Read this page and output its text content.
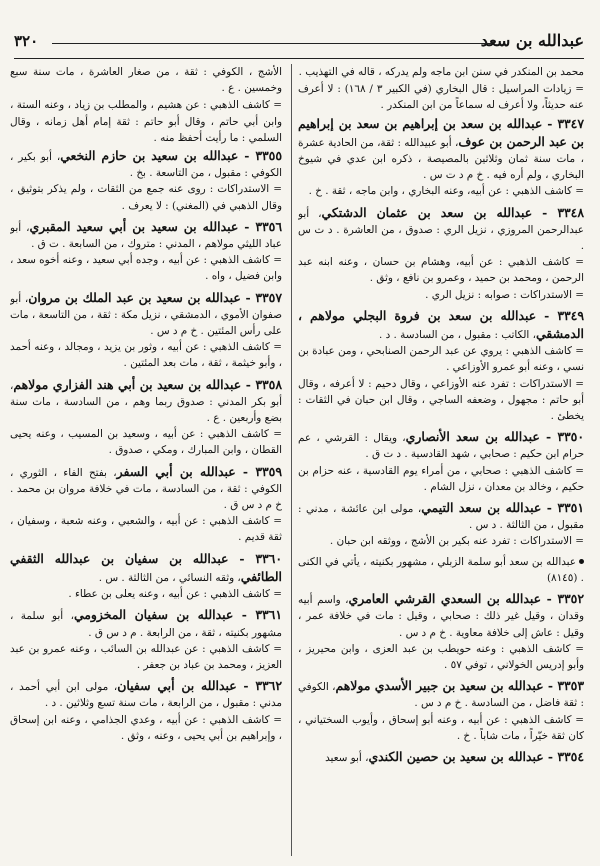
عبدالله بن سعد
٣٢٠

محمد بن المنكدر في سنن ابن ماجه ولم يدركه ، قاله في التهذيب .

= زيادات المراسيل : قال البخاري (في الكبير ٣ / ١٦٨) : لا أعرف عنه حديثاً، ولا أعرف له سماعاً من ابن المنكدر .

٣٣٤٧ - عبدالله بن سعد بن إبراهيم بن سعد بن إبراهيم بن عبد الرحمن بن عوف، أبو عبيدالله : ثقة، من الحادية عشرة ، مات سنة ثمان وثلاثين بالمصيصة ، ذكره ابن عدي في شيوخ البخاري ، ولم أره فيه . خ م د ت س .

= كاشف الذهبي : عن أبيه، وعنه البخاري ، وابن ماجه ، ثقة . خ .

٣٣٤٨ - عبدالله بن سعد بن عثمان الدشتكي، أبو عبدالرحمن المروزي ، نزيل الري : صدوق ، من العاشرة . د ت س .

= كاشف الذهبي : عن أبيه، وهشام بن حسان ، وعنه ابنه عبد الرحمن ، ومحمد بن حميد ، وعمرو بن نافع ، وثق .

= الاستدراكات : صوابه : نزيل الري .

٣٣٤٩ - عبدالله بن سعد بن فروة البجلي مولاهم ، الدمشقي، الكاتب : مقبول ، من السادسة . د .

= كاشف الذهبي : يروي عن عبد الرحمن الصنابحي ، ومن عبادة بن نسي ، وعنه أبو عمرو الأوزاعي .

= الاستدراكات : تفرد عنه الأوزاعي ، وقال دحيم : لا أعرفه ، وقال أبو حاتم : مجهول ، وضعفه الساجي ، وقال ابن حبان في الثقات : يخطئ .

٣٣٥٠ - عبدالله بن سعد الأنصاري، ويقال : القرشي ، عم حرام ابن حكيم : صحابي ، شهد القادسية . د ت ق .

= كاشف الذهبي : صحابي ، من أمراء يوم القادسية ، عنه حزام بن حكيم ، وخالد بن معدان ، نزل الشام .

٣٣٥١ - عبدالله بن سعد التيمي، مولى ابن عائشة ، مدني : مقبول ، من الثالثة . د س .

= الاستدراكات : تفرد عنه بكير بن الأشج ، ووثقه ابن حبان .

عبدالله بن سعد أبو سلمة الزبلي ، مشهور بكنيته ، يأتي في الكنى . (٨١٤٥)

٣٣٥٢ - عبدالله بن السعدي القرشي العامري، واسم أبيه وقدان ، وقيل غير ذلك : صحابي ، وقيل : مات في خلافة عمر ، وقيل : عاش إلى خلافة معاوية . خ م د س .

= كاشف الذهبي : وعنه حويطب بن عبد العزى ، وابن محيريز ، وأبو إدريس الخولاني ، توفي ٥٧ .

٣٣٥٣ - عبدالله بن سعيد بن جبير الأسدي مولاهم، الكوفي : ثقة فاضل ، من السادسة . خ م د س .

= كاشف الذهبي : عن أبيه ، وعنه أبو إسحاق ، وأيوب السختياني ، كان ثقة خيّراً ، مات شاباً . خ .

٣٣٥٤ - عبدالله بن سعيد بن حصين الكندي، أبو سعيد

الأشج ، الكوفي : ثقة ، من صغار العاشرة ، مات سنة سبع وخمسين . ع .

= كاشف الذهبي : عن هشيم ، والمطلب بن زياد ، وعنه الستة ، وابن أبي حاتم ، وقال أبو حاتم : ثقة إمام أهل زمانه ، وقال السلمي : ما رأيت أحفظ منه .

٣٣٥٥ - عبدالله بن سعيد بن حازم النخعي، أبو بكير ، الكوفي : مقبول ، من التاسعة . بخ .

= الاستدراكات : روى عنه جمع من الثقات ، ولم يذكر بتوثيق ، وقال الذهبي في (المغني) : لا يعرف .

٣٣٥٦ - عبدالله بن سعيد بن أبي سعيد المقبري، أبو عباد الليثي مولاهم ، المدني : متروك ، من السابعة . ت ق .

= كاشف الذهبي : عن أبيه ، وجده أبي سعيد ، وعنه أخوه سعد ، وابن فضيل ، واه .

٣٣٥٧ - عبدالله بن سعيد بن عبد الملك بن مروان، أبو صفوان الأموي ، الدمشقي ، نزيل مكة : ثقة ، من التاسعة ، مات على رأس المئتين . خ م د س .

= كاشف الذهبي : عن أبيه ، وثور بن يزيد ، ومجالد ، وعنه أحمد ، وأبو خيثمة ، ثقة ، مات بعد المئتين .

٣٣٥٨ - عبدالله بن سعيد بن أبي هند الفزاري مولاهم، أبو بكر المدني : صدوق ربما وهم ، من السادسة ، مات سنة بضع وأربعين . ع .

= كاشف الذهبي : عن أبيه ، وسعيد بن المسيب ، وعنه يحيى القطان ، وابن المبارك ، ومكي ، صدوق .

٣٣٥٩ - عبدالله بن أبي السفر، بفتح الفاء ، الثوري ، الكوفي : ثقة ، من السادسة ، مات في خلافة مروان بن محمد . خ م د س ق .

= كاشف الذهبي : عن أبيه ، والشعبي ، وعنه شعبة ، وسفيان ، ثقة قديم .

٣٣٦٠ - عبدالله بن سفيان بن عبدالله الثقفي الطائفي، وثقه النسائي ، من الثالثة . س .

= كاشف الذهبي : عن أبيه ، وعنه يعلى بن عطاء .

٣٣٦١ - عبدالله بن سفيان المخزومي، أبو سلمة ، مشهور بكنيته ، ثقة ، من الرابعة . م د س ق .

= كاشف الذهبي : عن عبدالله بن السائب ، وعنه عمرو بن عبد العزيز ، ومحمد بن عباد بن جعفر .

٣٣٦٢ - عبدالله بن أبي سفيان، مولى ابن أبي أحمد ، مدني : مقبول ، من الرابعة ، مات سنة تسع وثلاثين . د .

= كاشف الذهبي : عن أبيه ، وعدي الجذامي ، وعنه ابن إسحاق ، وإبراهيم بن أبي يحيى ، وعنه ، وثق .
